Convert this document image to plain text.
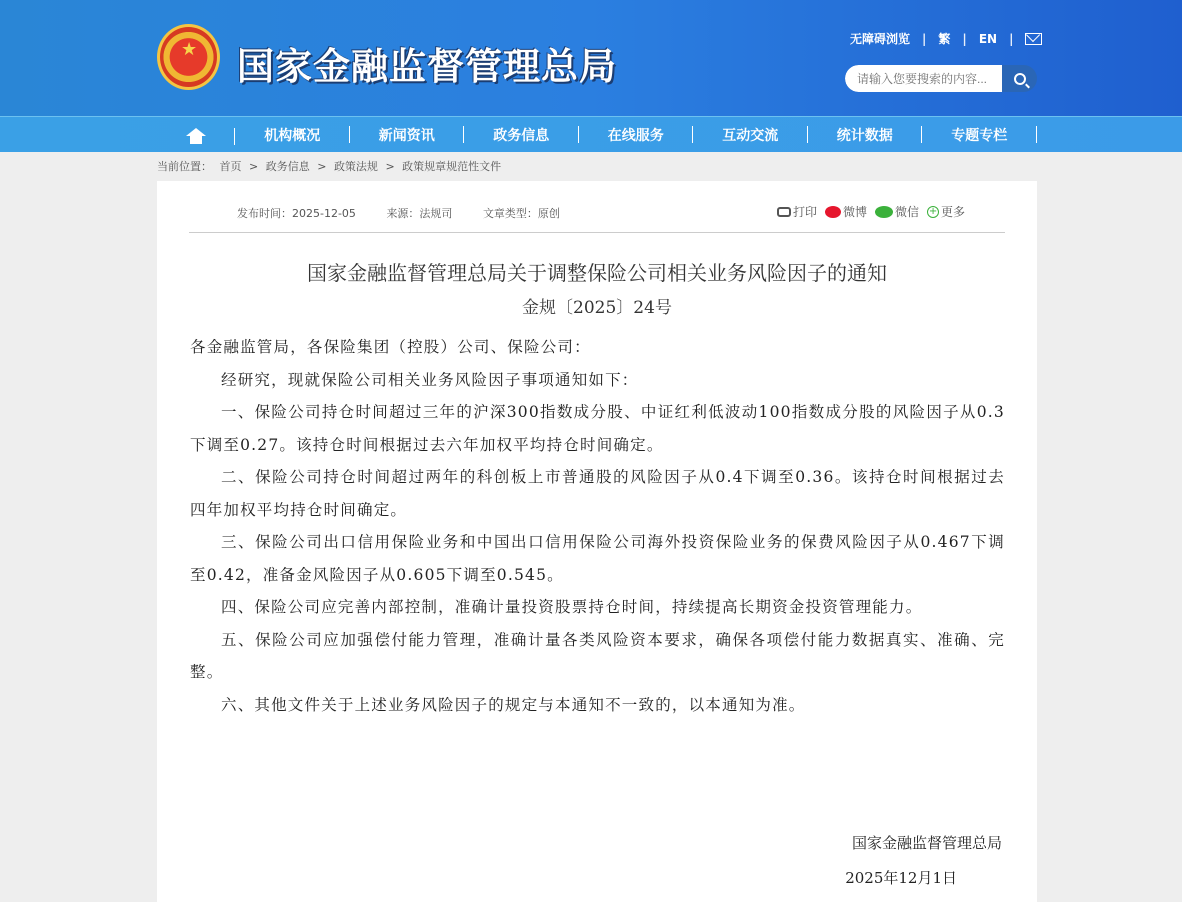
★ 国家金融监督管理总局
无障碍浏览 | 繁 | EN |
请输入您要搜索的内容...
机构概况	新闻资讯	政务信息	在线服务	互动交流	统计数据	专题专栏
当前位置： 首页 > 政务信息 > 政策法规 > 政策规章规范性文件
发布时间：2025-12-05	来源：法规司	文章类型：原创	打印 微博 微信 + 更多
国家金融监督管理总局关于调整保险公司相关业务风险因子的通知
金规〔2025〕24号

各金融监管局，各保险集团（控股）公司、保险公司：

经研究，现就保险公司相关业务风险因子事项通知如下：

一、保险公司持仓时间超过三年的沪深300指数成分股、中证红利低波动100指数成分股的风险因子从0.3下调至0.27。该持仓时间根据过去六年加权平均持仓时间确定。

二、保险公司持仓时间超过两年的科创板上市普通股的风险因子从0.4下调至0.36。该持仓时间根据过去四年加权平均持仓时间确定。

三、保险公司出口信用保险业务和中国出口信用保险公司海外投资保险业务的保费风险因子从0.467下调至0.42，准备金风险因子从0.605下调至0.545。

四、保险公司应完善内部控制，准确计量投资股票持仓时间，持续提高长期资金投资管理能力。

五、保险公司应加强偿付能力管理，准确计量各类风险资本要求，确保各项偿付能力数据真实、准确、完整。

六、其他文件关于上述业务风险因子的规定与本通知不一致的，以本通知为准。

国家金融监督管理总局
2025年12月1日
